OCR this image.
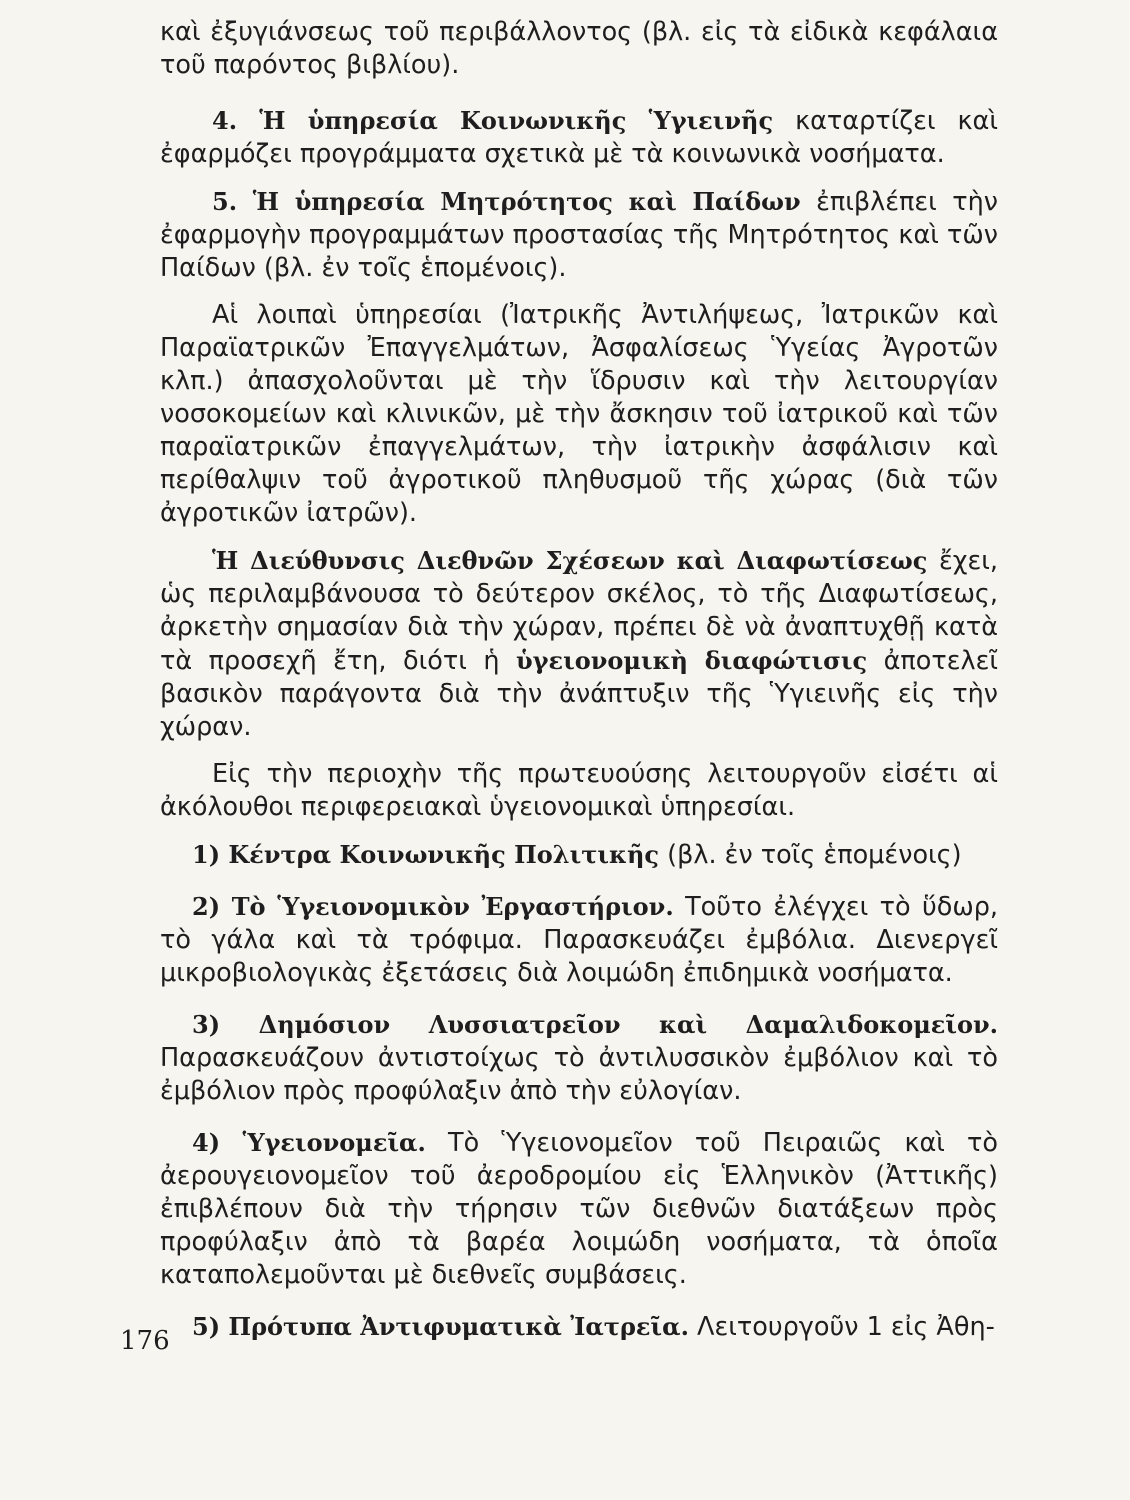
καὶ ἐξυγιάνσεως τοῦ περιβάλλοντος (βλ. εἰς τὰ εἰδικὰ κεφάλαια τοῦ παρόντος βιβλίου).

4. Ἡ ὑπηρεσία Κοινωνικῆς Ὑγιεινῆς καταρτίζει καὶ ἐφαρμόζει προγράμματα σχετικὰ μὲ τὰ κοινωνικὰ νοσήματα.

5. Ἡ ὑπηρεσία Μητρότητος καὶ Παίδων ἐπιβλέπει τὴν ἐφαρμογὴν προγραμμάτων προστασίας τῆς Μητρότητος καὶ τῶν Παίδων (βλ. ἐν τοῖς ἑπομένοις).

Αἱ λοιπαὶ ὑπηρεσίαι (Ἰατρικῆς Ἀντιλήψεως, Ἰατρικῶν καὶ Παραϊατρικῶν Ἐπαγγελμάτων, Ἀσφαλίσεως Ὑγείας Ἀγροτῶν κλπ.) ἀπασχολοῦνται μὲ τὴν ἵδρυσιν καὶ τὴν λειτουργίαν νοσοκομείων καὶ κλινικῶν, μὲ τὴν ἄσκησιν τοῦ ἰατρικοῦ καὶ τῶν παραϊατρικῶν ἐπαγγελμάτων, τὴν ἰατρικὴν ἀσφάλισιν καὶ περίθαλψιν τοῦ ἀγροτικοῦ πληθυσμοῦ τῆς χώρας (διὰ τῶν ἀγροτικῶν ἰατρῶν).

Ἡ Διεύθυνσις Διεθνῶν Σχέσεων καὶ Διαφωτίσεως ἔχει, ὡς περιλαμβάνουσα τὸ δεύτερον σκέλος, τὸ τῆς Διαφωτίσεως, ἀρκετὴν σημασίαν διὰ τὴν χώραν, πρέπει δὲ νὰ ἀναπτυχθῇ κατὰ τὰ προσεχῆ ἔτη, διότι ἡ ὑγειονομικὴ διαφώτισις ἀποτελεῖ βασικὸν παράγοντα διὰ τὴν ἀνάπτυξιν τῆς Ὑγιεινῆς εἰς τὴν χώραν.

Εἰς τὴν περιοχὴν τῆς πρωτευούσης λειτουργοῦν εἰσέτι αἱ ἀκόλουθοι περιφερειακαὶ ὑγειονομικαὶ ὑπηρεσίαι.

1) Κέντρα Κοινωνικῆς Πολιτικῆς (βλ. ἐν τοῖς ἑπομένοις)

2) Τὸ Ὑγειονομικὸν Ἐργαστήριον. Τοῦτο ἐλέγχει τὸ ὕδωρ, τὸ γάλα καὶ τὰ τρόφιμα. Παρασκευάζει ἐμβόλια. Διενεργεῖ μικροβιολογικὰς ἐξετάσεις διὰ λοιμώδη ἐπιδημικὰ νοσήματα.

3) Δημόσιον Λυσσιατρεῖον καὶ Δαμαλιδοκομεῖον. Παρασκευάζουν ἀντιστοίχως τὸ ἀντιλυσσικὸν ἐμβόλιον καὶ τὸ ἐμβόλιον πρὸς προφύλαξιν ἀπὸ τὴν εὐλογίαν.

4) Ὑγειονομεῖα. Τὸ Ὑγειονομεῖον τοῦ Πειραιῶς καὶ τὸ ἀερουγειονομεῖον τοῦ ἀεροδρομίου εἰς Ἑλληνικὸν (Ἀττικῆς) ἐπιβλέπουν διὰ τὴν τήρησιν τῶν διεθνῶν διατάξεων πρὸς προφύλαξιν ἀπὸ τὰ βαρέα λοιμώδη νοσήματα, τὰ ὁποῖα καταπολεμοῦνται μὲ διεθνεῖς συμβάσεις.

5) Πρότυπα Ἀντιφυματικὰ Ἰατρεῖα. Λειτουργοῦν 1 εἰς Ἀθη-

176
